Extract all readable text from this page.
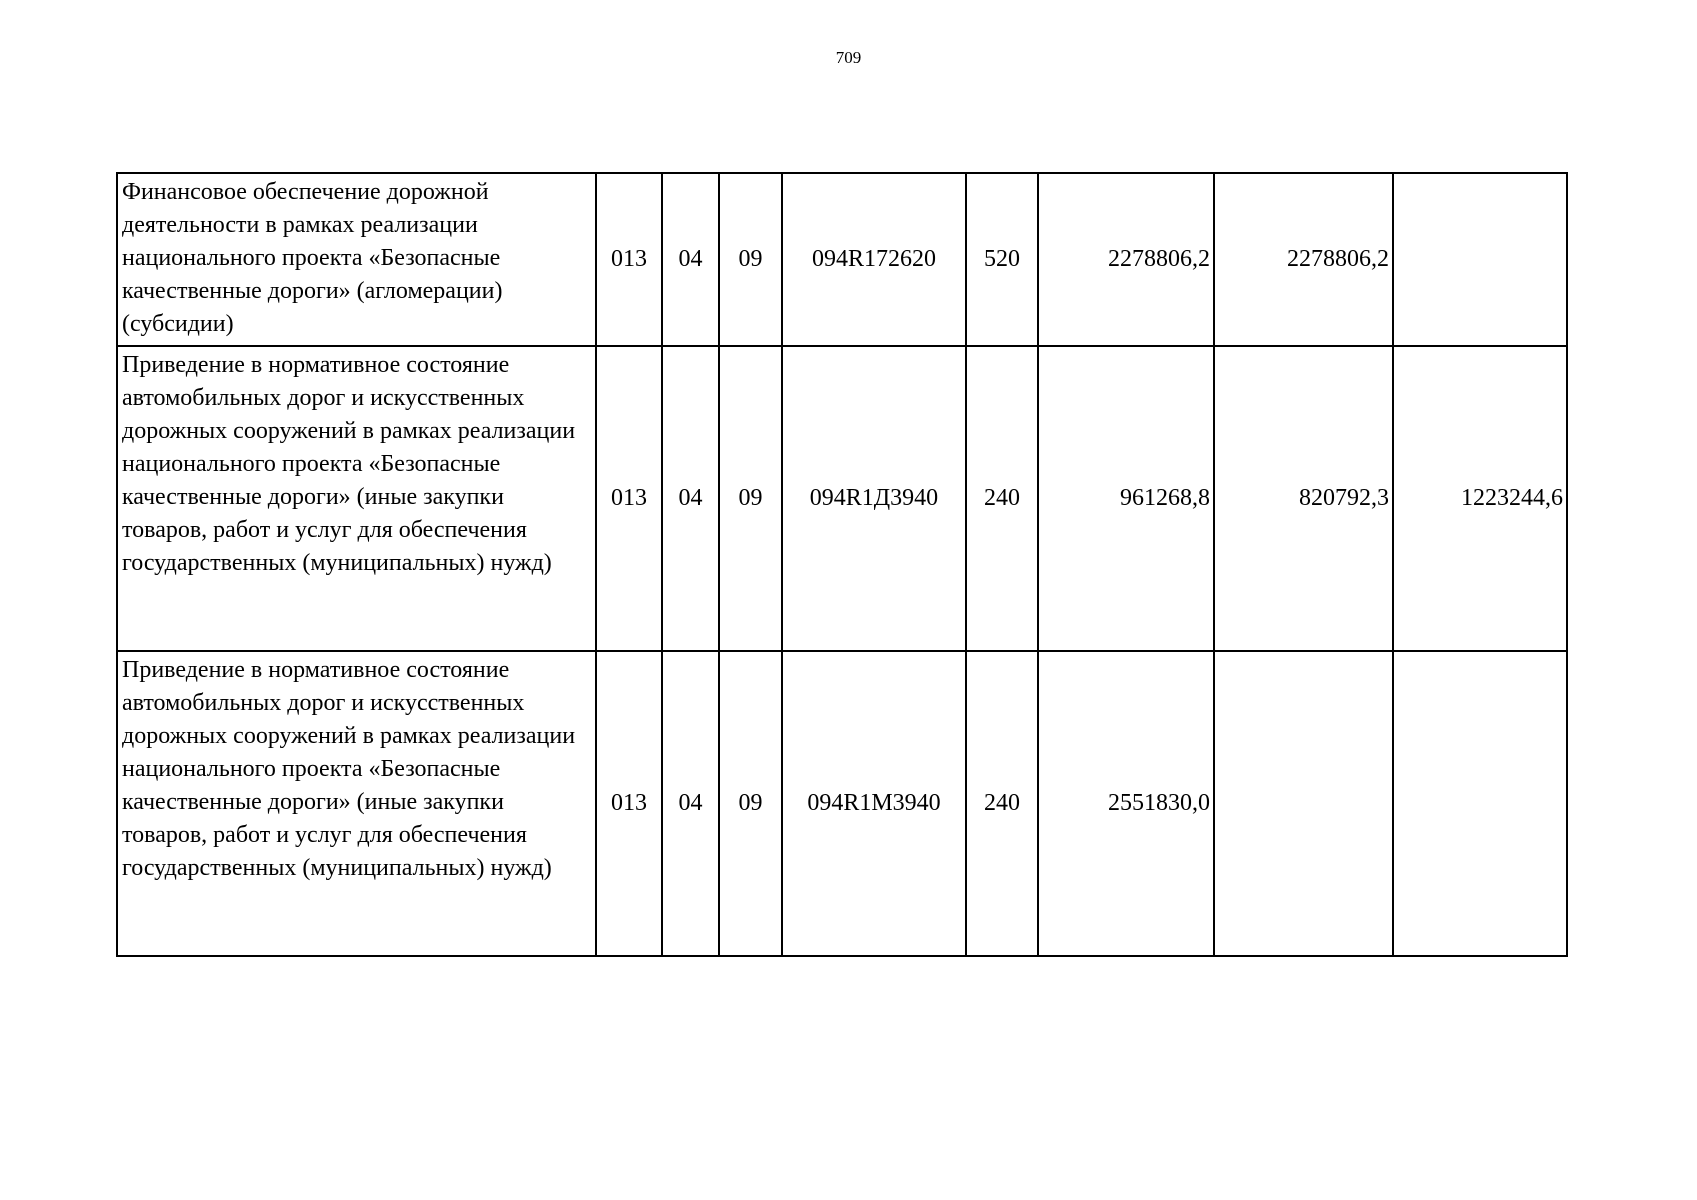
709
Финансовое обеспечение дорожной деятельности в рамках реализации национального проекта «Безопасные качественные дороги» (агломерации) (субсидии)	013	04	09	094R172620	520	2278806,2	2278806,2	
Приведение в нормативное состояние автомобильных дорог и искусственных дорожных сооружений в рамках реализации национального проекта «Безопасные качественные дороги» (иные закупки товаров, работ и услуг для обеспечения государственных (муниципальных) нужд)	013	04	09	094R1Д3940	240	961268,8	820792,3	1223244,6
Приведение в нормативное состояние автомобильных дорог и искусственных дорожных сооружений в рамках реализации национального проекта «Безопасные качественные дороги» (иные закупки товаров, работ и услуг для обеспечения государственных (муниципальных) нужд)	013	04	09	094R1М3940	240	2551830,0		
